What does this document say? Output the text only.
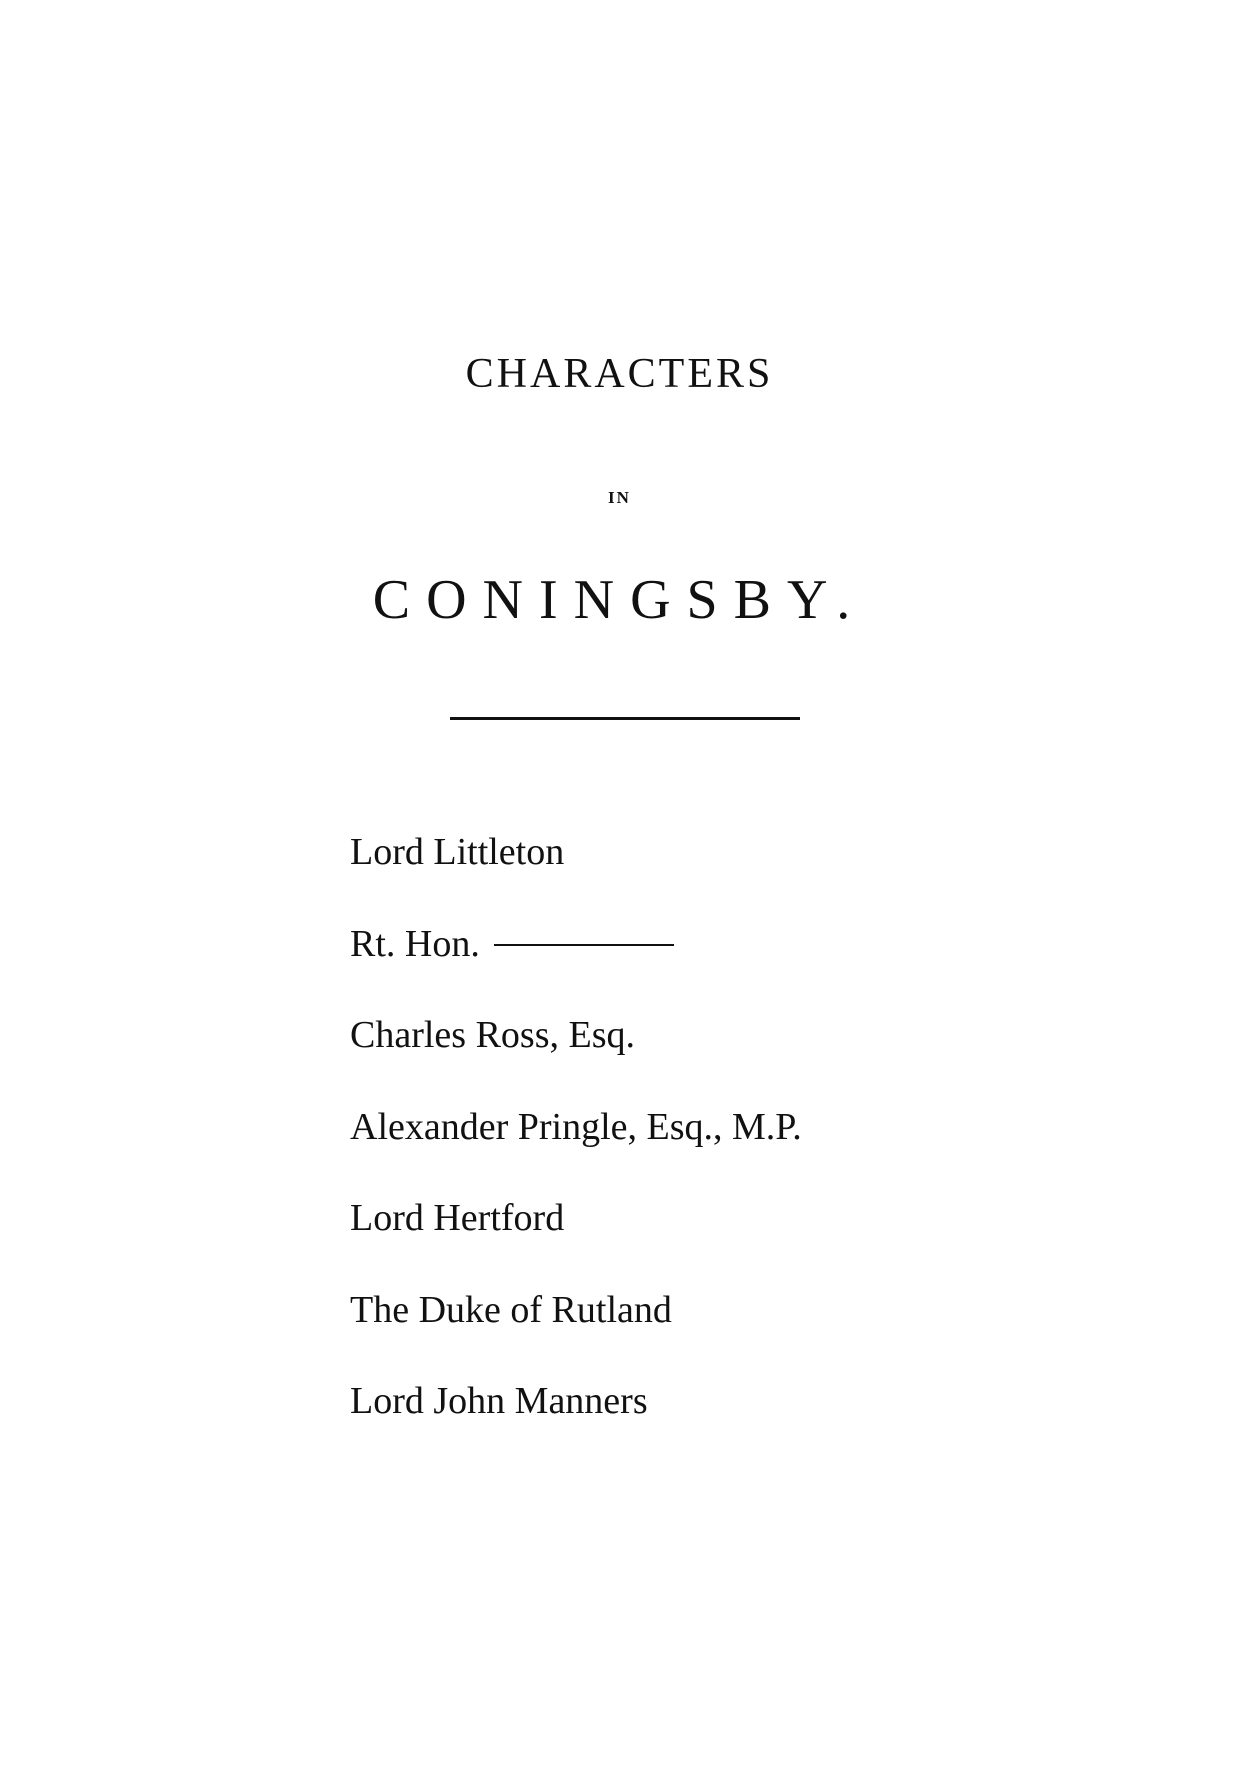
CHARACTERS
IN
CONINGSBY.
Lord Littleton
Rt. Hon.
Charles Ross, Esq.
Alexander Pringle, Esq., M.P.
Lord Hertford
The Duke of Rutland
Lord John Manners
